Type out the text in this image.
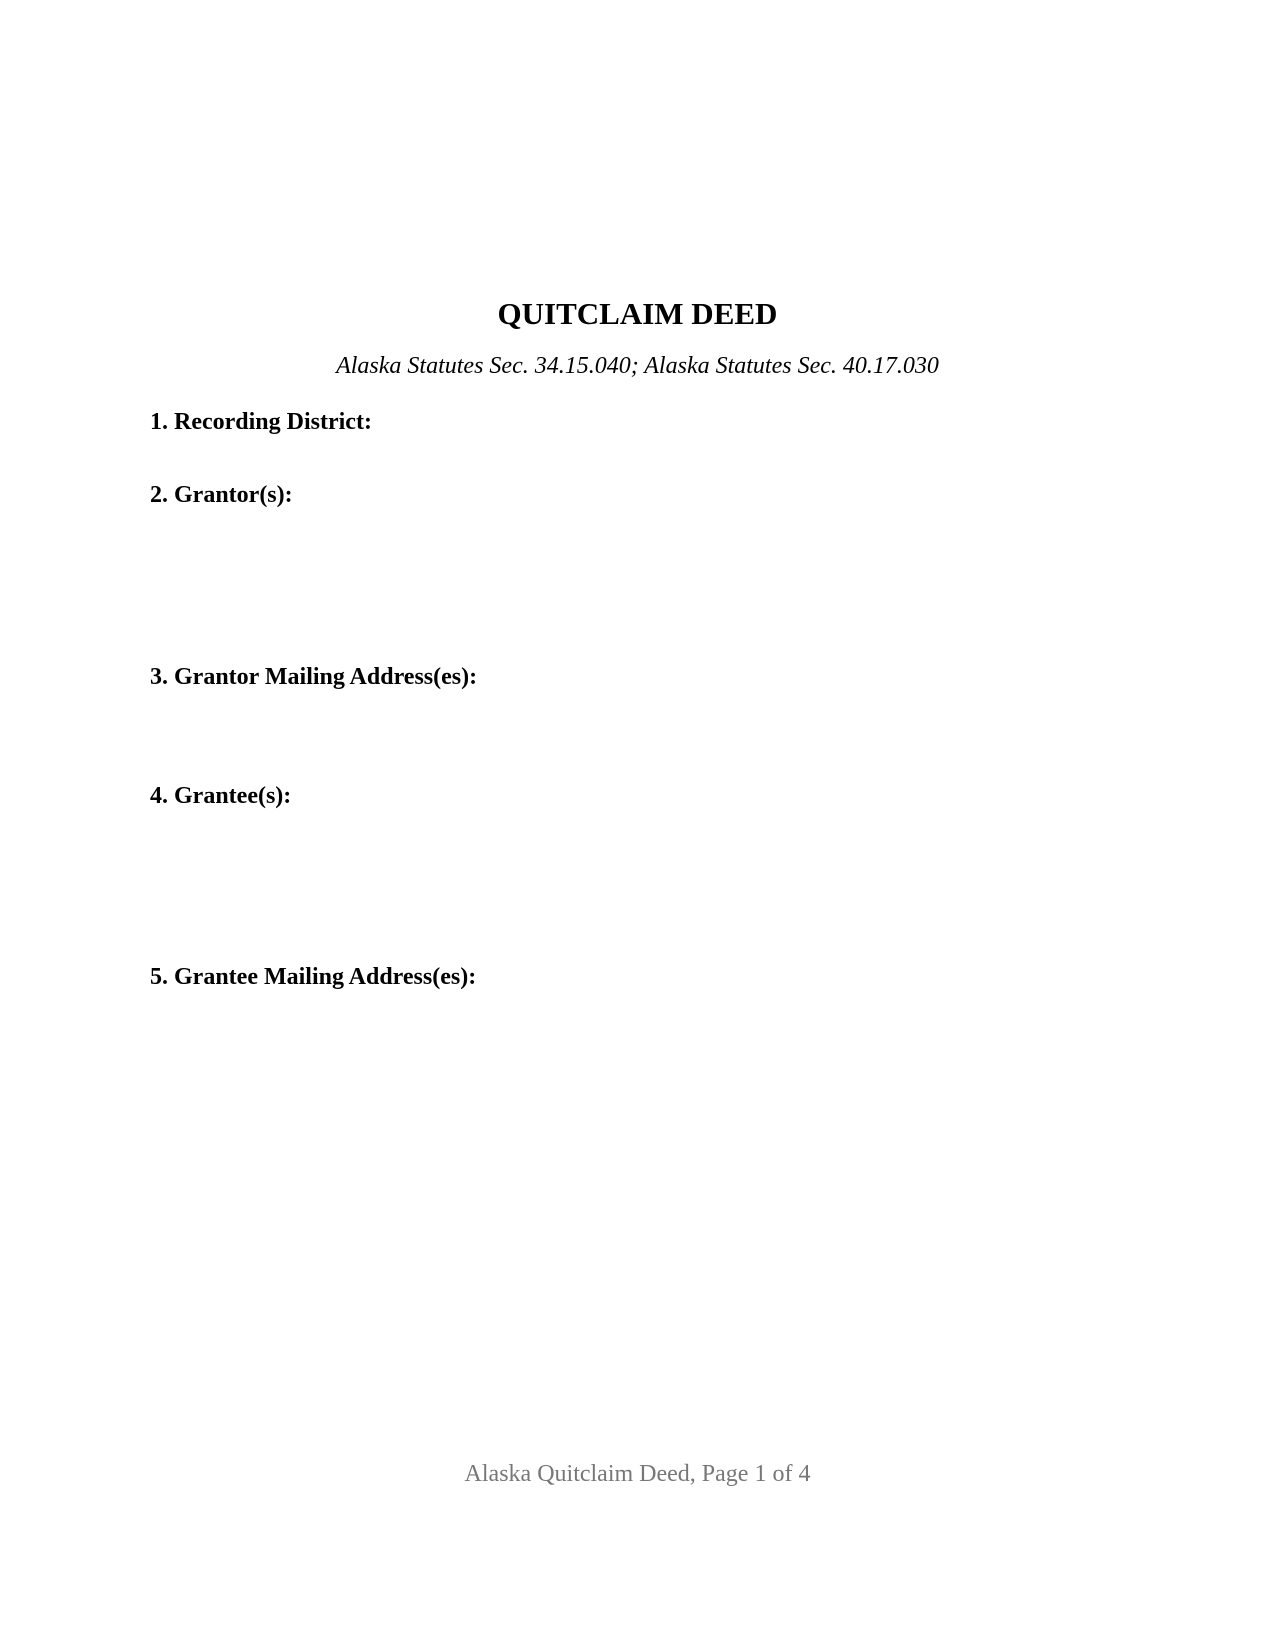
QUITCLAIM DEED
Alaska Statutes Sec. 34.15.040; Alaska Statutes Sec. 40.17.030
1. Recording District:
2. Grantor(s):
3. Grantor Mailing Address(es):
4. Grantee(s):
5. Grantee Mailing Address(es):
Alaska Quitclaim Deed, Page 1 of 4
